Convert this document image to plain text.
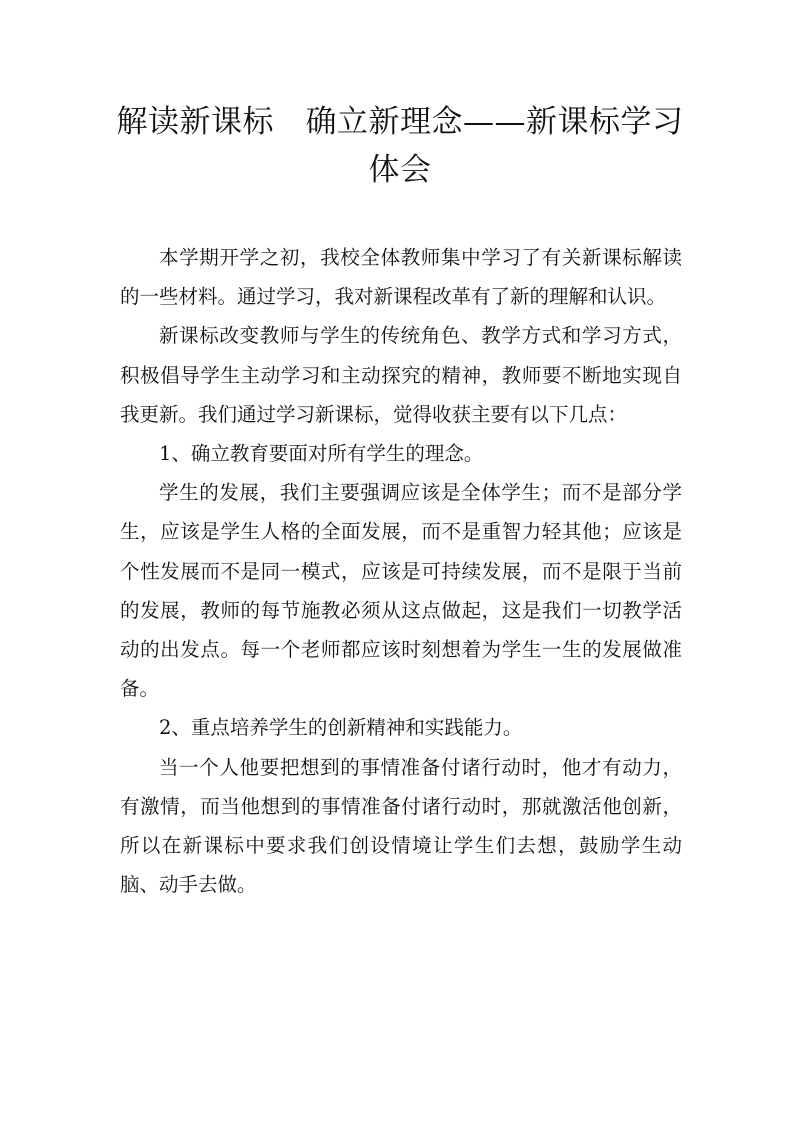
解读新课标　确立新理念——新课标学习体会

本学期开学之初，我校全体教师集中学习了有关新课标解读的一些材料。通过学习，我对新课程改革有了新的理解和认识。

新课标改变教师与学生的传统角色、教学方式和学习方式，积极倡导学生主动学习和主动探究的精神，教师要不断地实现自我更新。我们通过学习新课标，觉得收获主要有以下几点：

1、确立教育要面对所有学生的理念。

学生的发展，我们主要强调应该是全体学生；而不是部分学生，应该是学生人格的全面发展，而不是重智力轻其他；应该是个性发展而不是同一模式，应该是可持续发展，而不是限于当前的发展，教师的每节施教必须从这点做起，这是我们一切教学活动的出发点。每一个老师都应该时刻想着为学生一生的发展做准备。

2、重点培养学生的创新精神和实践能力。

当一个人他要把想到的事情准备付诸行动时，他才有动力，有激情，而当他想到的事情准备付诸行动时，那就激活他创新，所以在新课标中要求我们创设情境让学生们去想，鼓励学生动脑、动手去做。
